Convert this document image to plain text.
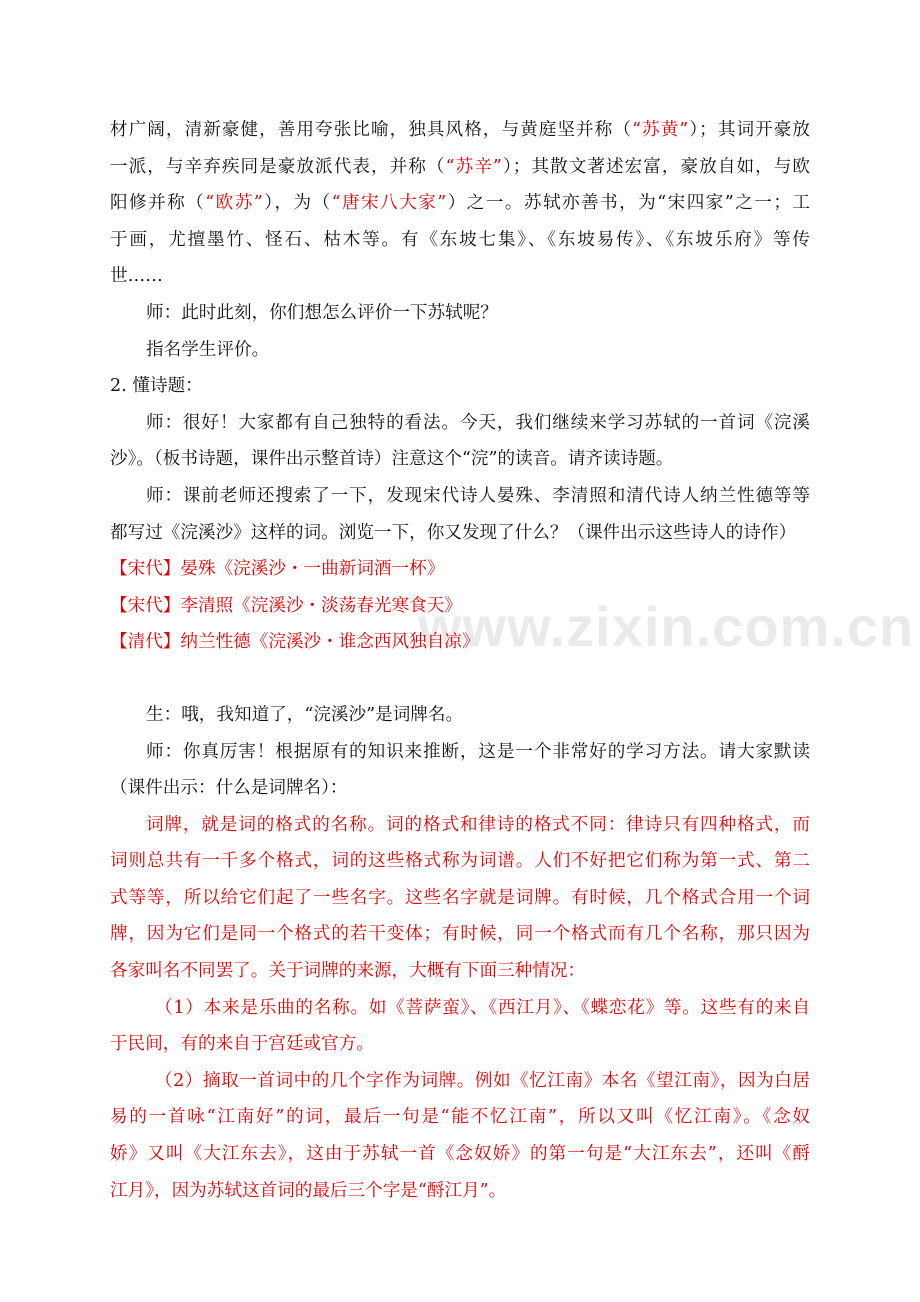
www.zixin.com.cn
材广阔，清新豪健，善用夸张比喻，独具风格，与黄庭坚并称（“苏黄”）；其词开豪放
一派，与辛弃疾同是豪放派代表，并称（“苏辛”）；其散文著述宏富，豪放自如，与欧
阳修并称（“欧苏”），为（“唐宋八大家”）之一。苏轼亦善书，为“宋四家”之一；工
于画，尤擅墨竹、怪石、枯木等。有《东坡七集》、《东坡易传》、《东坡乐府》等传
世……
师：此时此刻，你们想怎么评价一下苏轼呢？
指名学生评价。
2. 懂诗题：
师：很好！大家都有自己独特的看法。今天，我们继续来学习苏轼的一首词《浣溪
沙》。（板书诗题，课件出示整首诗）注意这个“浣”的读音。请齐读诗题。
师：课前老师还搜索了一下，发现宋代诗人晏殊、李清照和清代诗人纳兰性德等等
都写过《浣溪沙》这样的词。浏览一下，你又发现了什么？（课件出示这些诗人的诗作）
【宋代】晏殊《浣溪沙・一曲新词酒一杯》
【宋代】李清照《浣溪沙・淡荡春光寒食天》
【清代】纳兰性德《浣溪沙・谁念西风独自凉》
生：哦，我知道了，“浣溪沙”是词牌名。
师：你真厉害！根据原有的知识来推断，这是一个非常好的学习方法。请大家默读
（课件出示：什么是词牌名）：
词牌，就是词的格式的名称。词的格式和律诗的格式不同：律诗只有四种格式，而
词则总共有一千多个格式，词的这些格式称为词谱。人们不好把它们称为第一式、第二
式等等，所以给它们起了一些名字。这些名字就是词牌。有时候，几个格式合用一个词
牌，因为它们是同一个格式的若干变体；有时候，同一个格式而有几个名称，那只因为
各家叫名不同罢了。关于词牌的来源，大概有下面三种情况：
（1）本来是乐曲的名称。如《菩萨蛮》、《西江月》、《蝶恋花》等。这些有的来自
于民间，有的来自于宫廷或官方。
（2）摘取一首词中的几个字作为词牌。例如《忆江南》本名《望江南》，因为白居
易的一首咏“江南好”的词，最后一句是“能不忆江南”，所以又叫《忆江南》。《念奴
娇》又叫《大江东去》，这由于苏轼一首《念奴娇》的第一句是“大江东去”，还叫《酹
江月》，因为苏轼这首词的最后三个字是“酹江月”。
